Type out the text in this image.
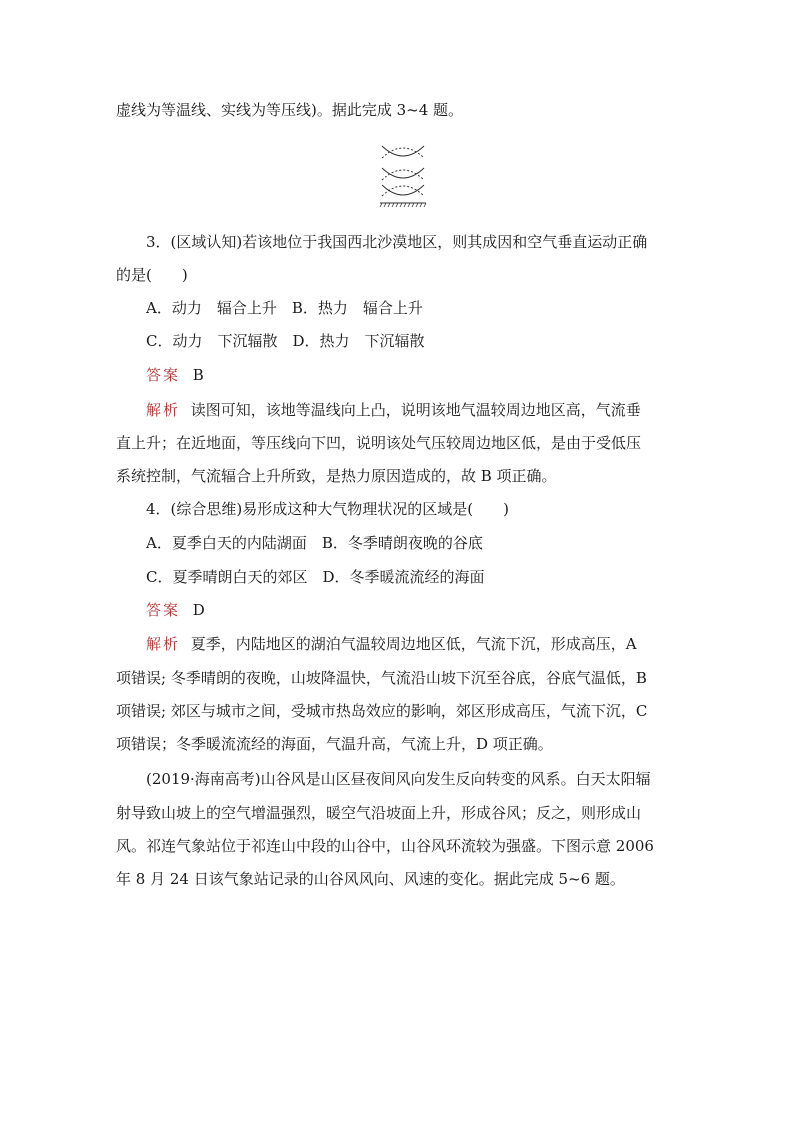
虚线为等温线、实线为等压线)。据此完成 3~4 题。
3．(区域认知)若该地位于我国西北沙漠地区，则其成因和空气垂直运动正确
的是(　　)
A．动力　辐合上升　B．热力　辐合上升
C．动力　下沉辐散　D．热力　下沉辐散
答案 B
解析 读图可知，该地等温线向上凸，说明该地气温较周边地区高，气流垂
直上升；在近地面，等压线向下凹，说明该处气压较周边地区低，是由于受低压
系统控制，气流辐合上升所致，是热力原因造成的，故 B 项正确。
4．(综合思维)易形成这种大气物理状况的区域是(　　)
A．夏季白天的内陆湖面　B．冬季晴朗夜晚的谷底
C．夏季晴朗白天的郊区　D．冬季暖流流经的海面
答案 D
解析 夏季，内陆地区的湖泊气温较周边地区低，气流下沉，形成高压，A
项错误; 冬季晴朗的夜晚，山坡降温快，气流沿山坡下沉至谷底，谷底气温低，B
项错误; 郊区与城市之间，受城市热岛效应的影响，郊区形成高压，气流下沉，C
项错误；冬季暖流流经的海面，气温升高，气流上升，D 项正确。
(2019·海南高考)山谷风是山区昼夜间风向发生反向转变的风系。白天太阳辐
射导致山坡上的空气增温强烈，暖空气沿坡面上升，形成谷风；反之，则形成山
风。祁连气象站位于祁连山中段的山谷中，山谷风环流较为强盛。下图示意 2006
年 8 月 24 日该气象站记录的山谷风风向、风速的变化。据此完成 5~6 题。
